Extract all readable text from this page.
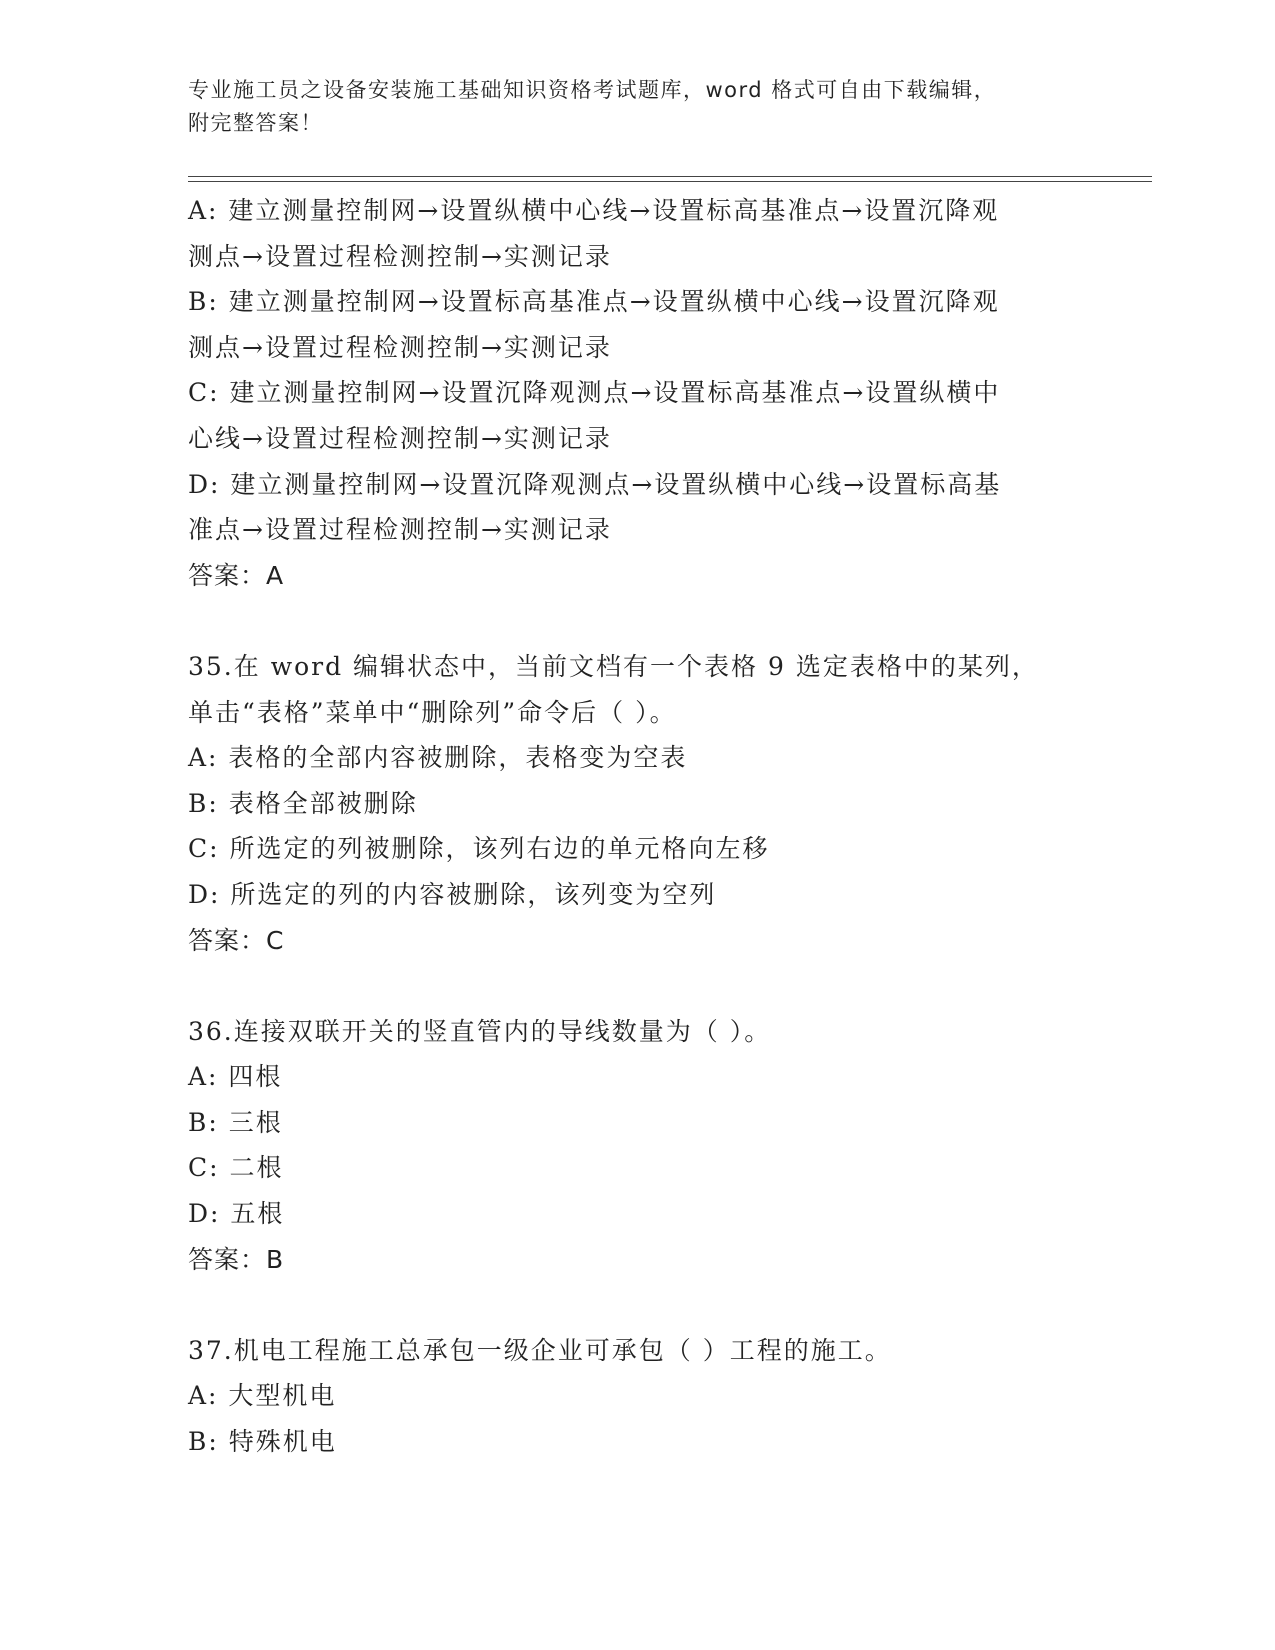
专业施工员之设备安装施工基础知识资格考试题库，word 格式可自由下载编辑，
附完整答案！

A: 建立测量控制网→设置纵横中心线→设置标高基准点→设置沉降观

测点→设置过程检测控制→实测记录

B: 建立测量控制网→设置标高基准点→设置纵横中心线→设置沉降观

测点→设置过程检测控制→实测记录

C: 建立测量控制网→设置沉降观测点→设置标高基准点→设置纵横中

心线→设置过程检测控制→实测记录

D: 建立测量控制网→设置沉降观测点→设置纵横中心线→设置标高基

准点→设置过程检测控制→实测记录

答案：A

35.在 word 编辑状态中，当前文档有一个表格 9 选定表格中的某列，

单击“表格”菜单中“删除列”命令后（ ）。

A: 表格的全部内容被删除，表格变为空表

B: 表格全部被删除

C: 所选定的列被删除，该列右边的单元格向左移

D: 所选定的列的内容被删除，该列变为空列

答案：C

36.连接双联开关的竖直管内的导线数量为（ ）。

A: 四根

B: 三根

C: 二根

D: 五根

答案：B

37.机电工程施工总承包一级企业可承包（ ）工程的施工。

A: 大型机电

B: 特殊机电
